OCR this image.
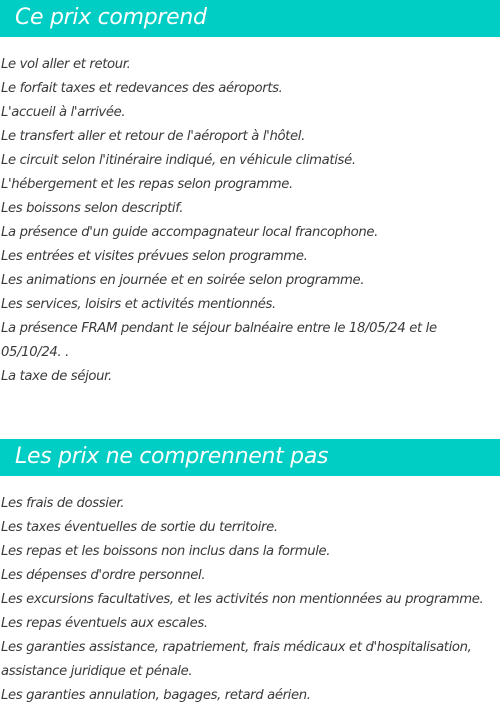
Ce prix comprend
Le vol aller et retour.
Le forfait taxes et redevances des aéroports.
L'accueil à l'arrivée.
Le transfert aller et retour de l'aéroport à l'hôtel.
Le circuit selon l'itinéraire indiqué, en véhicule climatisé.
L'hébergement et les repas selon programme.
Les boissons selon descriptif.
La présence d'un guide accompagnateur local francophone.
Les entrées et visites prévues selon programme.
Les animations en journée et en soirée selon programme.
Les services, loisirs et activités mentionnés.
La présence FRAM pendant le séjour balnéaire entre le 18/05/24 et le 05/10/24. .
La taxe de séjour.
Les prix ne comprennent pas
Les frais de dossier.
Les taxes éventuelles de sortie du territoire.
Les repas et les boissons non inclus dans la formule.
Les dépenses d'ordre personnel.
Les excursions facultatives, et les activités non mentionnées au programme.
Les repas éventuels aux escales.
Les garanties assistance, rapatriement, frais médicaux et d'hospitalisation, assistance juridique et pénale.
Les garanties annulation, bagages, retard aérien.
